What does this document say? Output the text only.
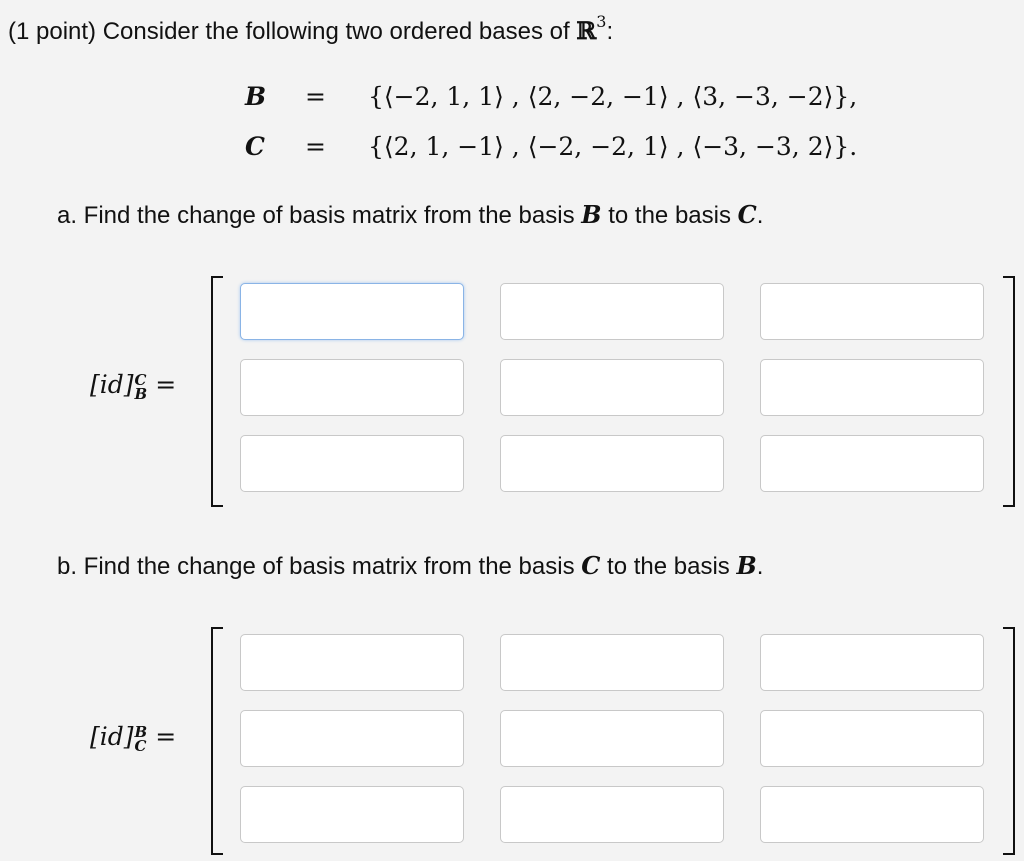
(1 point) Consider the following two ordered bases of ℝ$^3$:
B = {⟨−2, 1, 1⟩ , ⟨2, −2, −1⟩ , ⟨3, −3, −2⟩},
C = {⟨2, 1, −1⟩ , ⟨−2, −2, 1⟩ , ⟨−3, −3, 2⟩}.
a. Find the change of basis matrix from the basis B to the basis C.
[id] C
B =
b. Find the change of basis matrix from the basis C to the basis B.
[id] B
C =
